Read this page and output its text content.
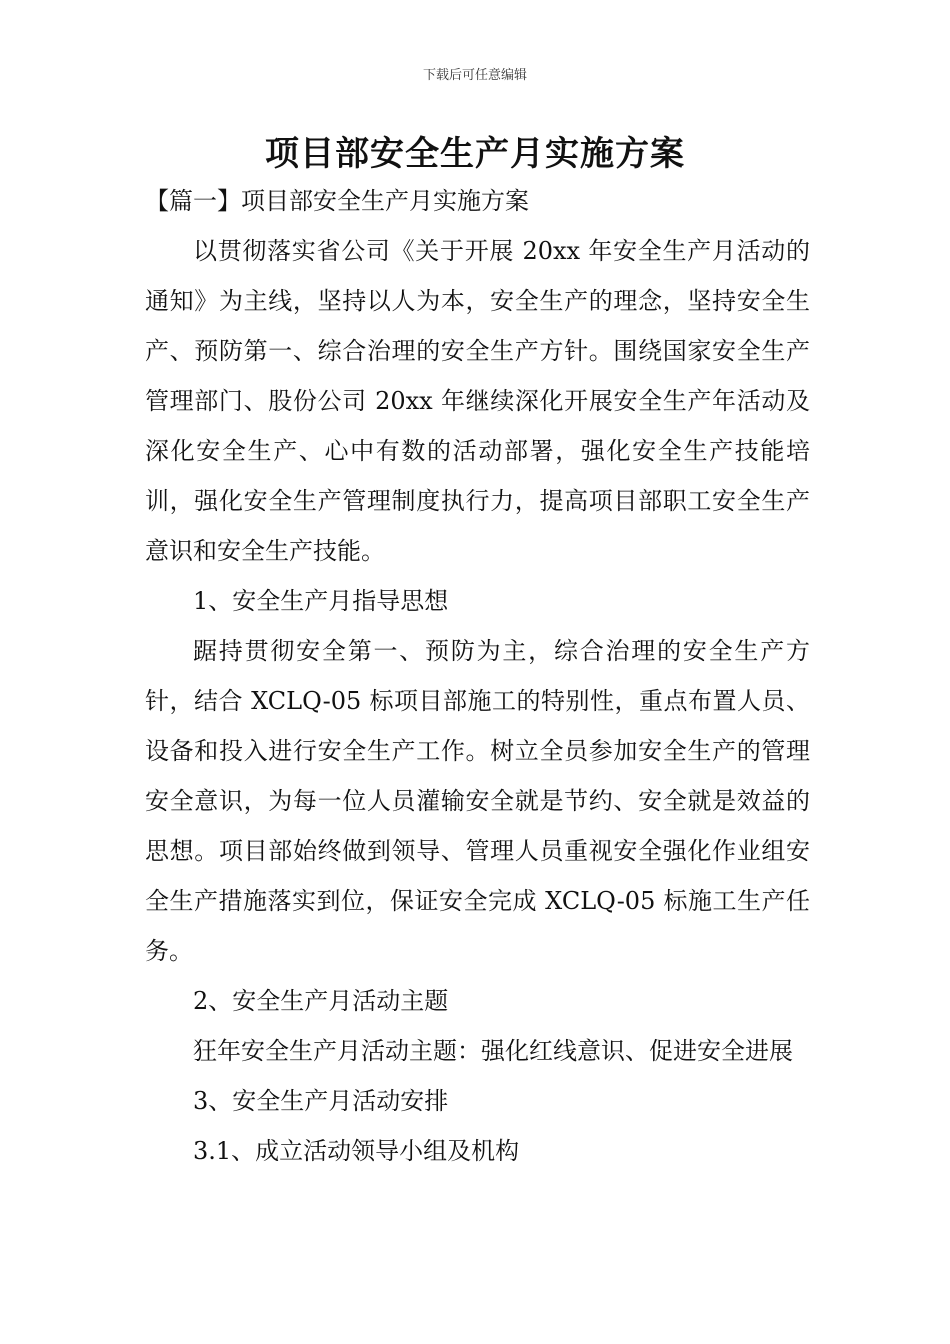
下载后可任意编辑
项目部安全生产月实施方案

【篇一】项目部安全生产月实施方案

以贯彻落实省公司《关于开展 20xx 年安全生产月活动的通知》为主线，坚持以人为本，安全生产的理念，坚持安全生产、预防第一、综合治理的安全生产方针。围绕国家安全生产管理部门、股份公司 20xx 年继续深化开展安全生产年活动及深化安全生产、心中有数的活动部署，强化安全生产技能培训，强化安全生产管理制度执行力，提高项目部职工安全生产意识和安全生产技能。

1、安全生产月指导思想

踞持贯彻安全第一、预防为主，综合治理的安全生产方针，结合 XCLQ-05 标项目部施工的特别性，重点布置人员、设备和投入进行安全生产工作。树立全员参加安全生产的管理安全意识，为每一位人员灌输安全就是节约、安全就是效益的思想。项目部始终做到领导、管理人员重视安全强化作业组安全生产措施落实到位，保证安全完成 XCLQ-05 标施工生产任务。

2、安全生产月活动主题

狂年安全生产月活动主题：强化红线意识、促进安全进展

3、安全生产月活动安排

3.1、成立活动领导小组及机构
